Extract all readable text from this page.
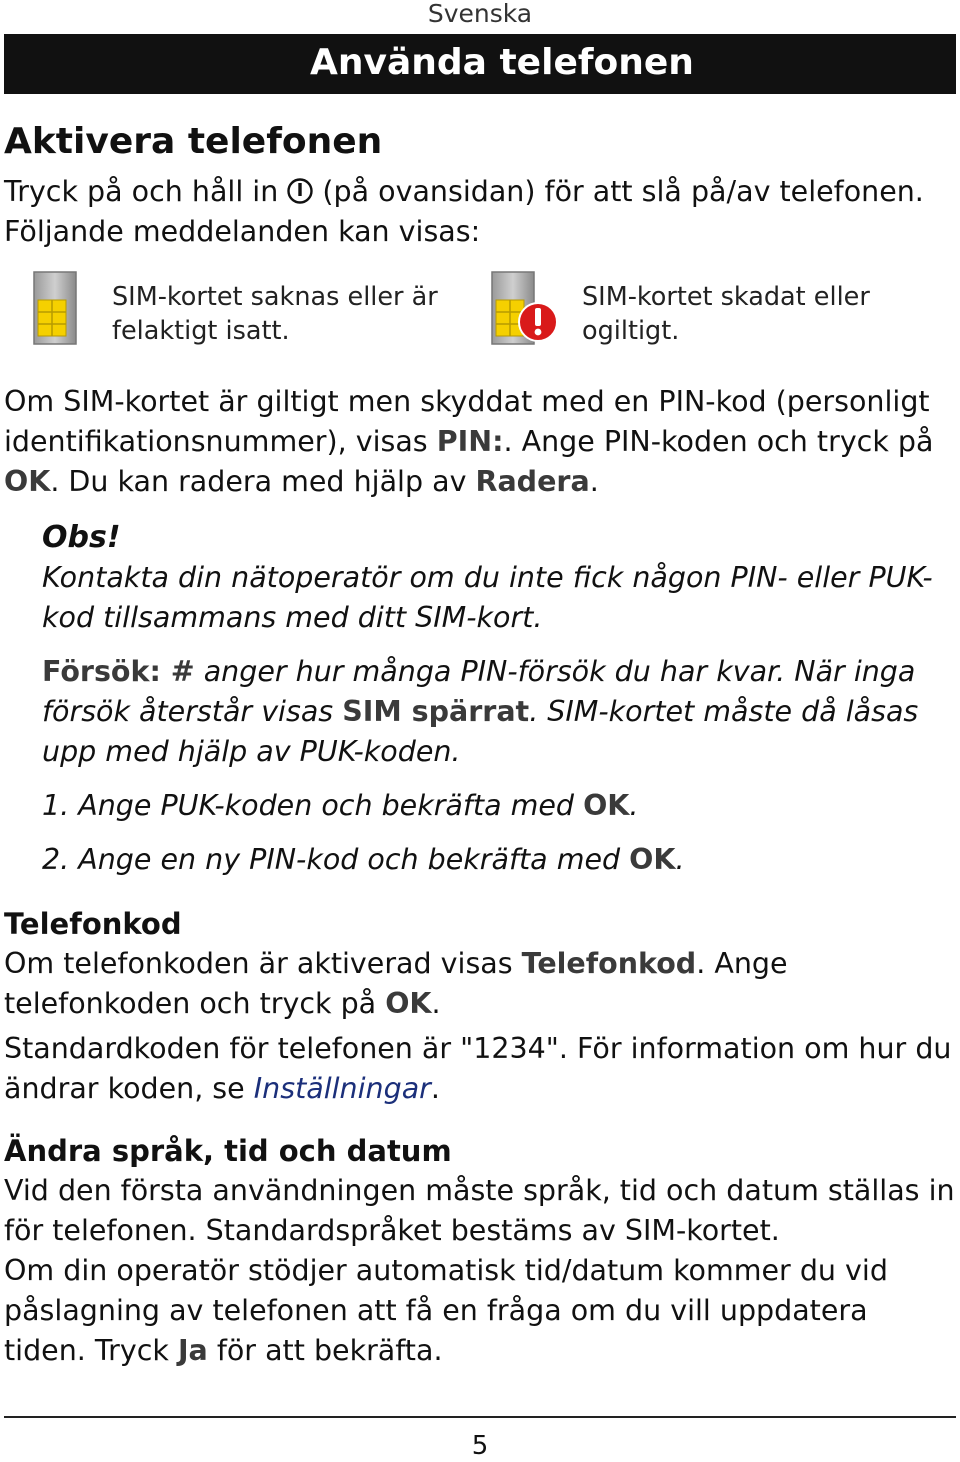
Svenska
Använda telefonen
Aktivera telefonen
Tryck på och håll in  (på ovansidan) för att slå på/av telefonen.
Följande meddelanden kan visas:
SIM-kortet saknas eller är
felaktigt isatt.
SIM-kortet skadat eller
ogiltigt.
Om SIM-kortet är giltigt men skyddat med en PIN-kod (personligt identifikationsnummer), visas PIN:. Ange PIN-koden och tryck på OK. Du kan radera med hjälp av Radera.
Obs!
Kontakta din nätoperatör om du inte fick någon PIN- eller PUK-kod tillsammans med ditt SIM-kort.
Försök: # anger hur många PIN-försök du har kvar. När inga försök återstår visas SIM spärrat. SIM-kortet måste då låsas upp med hjälp av PUK-koden.
1. Ange PUK-koden och bekräfta med OK.
2. Ange en ny PIN-kod och bekräfta med OK.
Telefonkod
Om telefonkoden är aktiverad visas Telefonkod. Ange telefonkoden och tryck på OK.
Standardkoden för telefonen är "1234". För information om hur du ändrar koden, se Inställningar.
Ändra språk, tid och datum
Vid den första användningen måste språk, tid och datum ställas in för telefonen. Standardspråket bestäms av SIM-kortet.
Om din operatör stödjer automatisk tid/datum kommer du vid påslagning av telefonen att få en fråga om du vill uppdatera tiden. Tryck Ja för att bekräfta.
5
